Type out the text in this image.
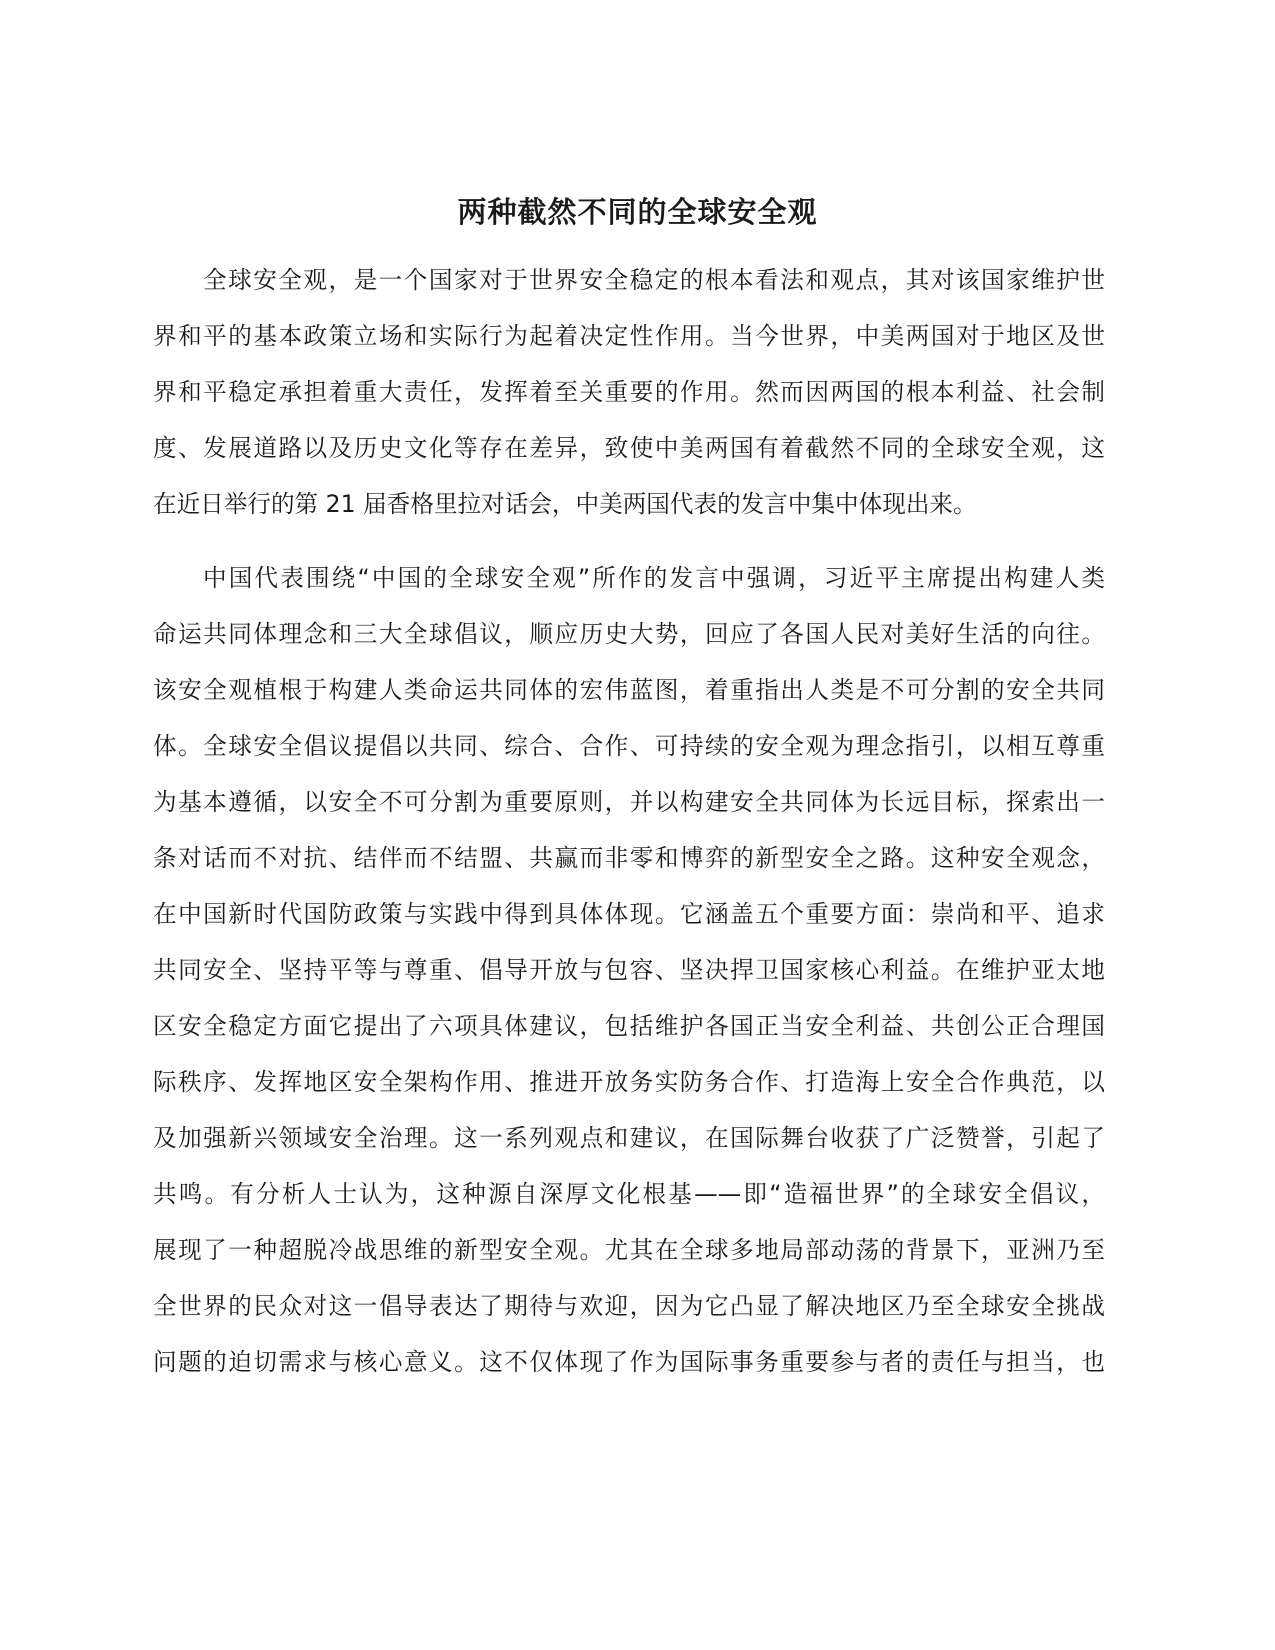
两种截然不同的全球安全观
全球安全观，是一个国家对于世界安全稳定的根本看法和观点，其对该国家维护世
界和平的基本政策立场和实际行为起着决定性作用。当今世界，中美两国对于地区及世
界和平稳定承担着重大责任，发挥着至关重要的作用。然而因两国的根本利益、社会制
度、发展道路以及历史文化等存在差异，致使中美两国有着截然不同的全球安全观，这
在近日举行的第 21 届香格里拉对话会，中美两国代表的发言中集中体现出来。
中国代表围绕“中国的全球安全观”所作的发言中强调，习近平主席提出构建人类
命运共同体理念和三大全球倡议，顺应历史大势，回应了各国人民对美好生活的向往。
该安全观植根于构建人类命运共同体的宏伟蓝图，着重指出人类是不可分割的安全共同
体。全球安全倡议提倡以共同、综合、合作、可持续的安全观为理念指引，以相互尊重
为基本遵循，以安全不可分割为重要原则，并以构建安全共同体为长远目标，探索出一
条对话而不对抗、结伴而不结盟、共赢而非零和博弈的新型安全之路。这种安全观念，
在中国新时代国防政策与实践中得到具体体现。它涵盖五个重要方面：崇尚和平、追求
共同安全、坚持平等与尊重、倡导开放与包容、坚决捍卫国家核心利益。在维护亚太地
区安全稳定方面它提出了六项具体建议，包括维护各国正当安全利益、共创公正合理国
际秩序、发挥地区安全架构作用、推进开放务实防务合作、打造海上安全合作典范，以
及加强新兴领域安全治理。这一系列观点和建议，在国际舞台收获了广泛赞誉，引起了
共鸣。有分析人士认为，这种源自深厚文化根基——即“造福世界”的全球安全倡议，
展现了一种超脱冷战思维的新型安全观。尤其在全球多地局部动荡的背景下，亚洲乃至
全世界的民众对这一倡导表达了期待与欢迎，因为它凸显了解决地区乃至全球安全挑战
问题的迫切需求与核心意义。这不仅体现了作为国际事务重要参与者的责任与担当，也
